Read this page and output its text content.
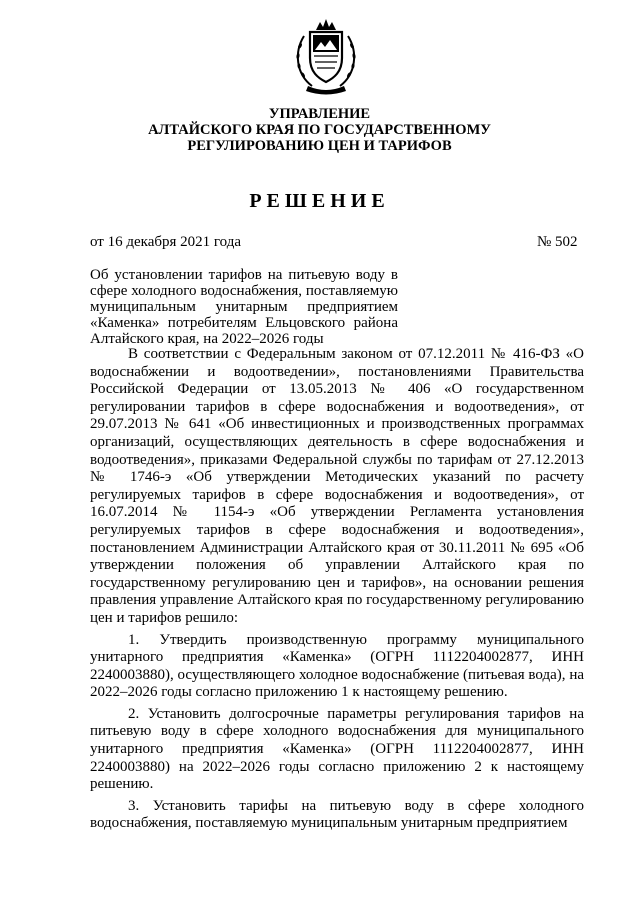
УПРАВЛЕНИЕ
АЛТАЙСКОГО КРАЯ ПО ГОСУДАРСТВЕННОМУ
РЕГУЛИРОВАНИЮ ЦЕН И ТАРИФОВ
РЕШЕНИЕ
от 16 декабря 2021 года	№ 502
Об установлении тарифов на питьевую воду в сфере холодного водоснабжения, поставляемую муниципальным унитарным предприятием «Каменка» потребителям Ельцовского района Алтайского края, на 2022–2026 годы

В соответствии с Федеральным законом от 07.12.2011 № 416-ФЗ «О водоснабжении и водоотведении», постановлениями Правительства Российской Федерации от 13.05.2013 № 406 «О государственном регулировании тарифов в сфере водоснабжения и водоотведения», от 29.07.2013 № 641 «Об инвестиционных и производственных программах организаций, осуществляющих деятельность в сфере водоснабжения и водоотведения», приказами Федеральной службы по тарифам от 27.12.2013 № 1746-э «Об утверждении Методических указаний по расчету регулируемых тарифов в сфере водоснабжения и водоотведения», от 16.07.2014 № 1154-э «Об утверждении Регламента установления регулируемых тарифов в сфере водоснабжения и водоотведения», постановлением Администрации Алтайского края от 30.11.2011 № 695 «Об утверждении положения об управлении Алтайского края по государственному регулированию цен и тарифов», на основании решения правления управление Алтайского края по государственному регулированию цен и тарифов решило:

1. Утвердить производственную программу муниципального унитарного предприятия «Каменка» (ОГРН 1112204002877, ИНН 2240003880), осуществляющего холодное водоснабжение (питьевая вода), на 2022–2026 годы согласно приложению 1 к настоящему решению.

2. Установить долгосрочные параметры регулирования тарифов на питьевую воду в сфере холодного водоснабжения для муниципального унитарного предприятия «Каменка» (ОГРН 1112204002877, ИНН 2240003880) на 2022–2026 годы согласно приложению 2 к настоящему решению.

3. Установить тарифы на питьевую воду в сфере холодного водоснабжения, поставляемую муниципальным унитарным предприятием
